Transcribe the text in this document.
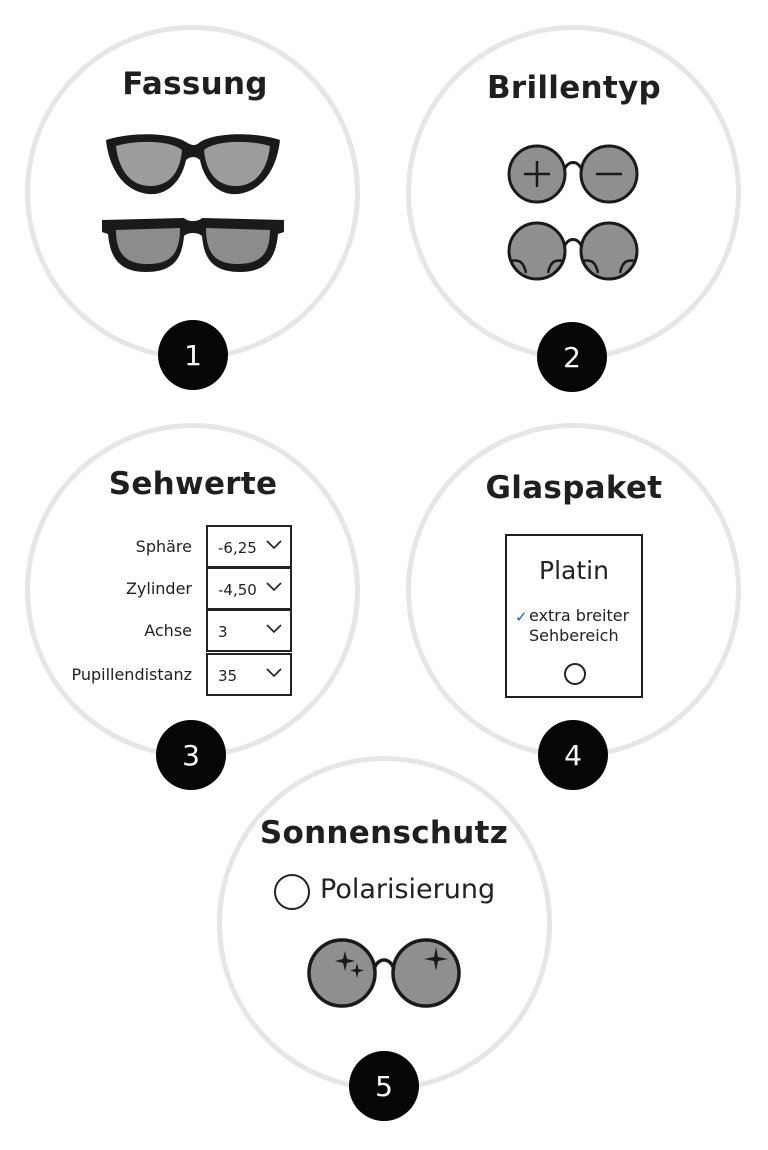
Fassung
1
Brillentyp
2
Sehwerte
Sphäre -6,25
Zylinder -4,50
Achse 3
Pupillendistanz 35
3
Glaspaket
Platin
✓ extra breiter Sehbereich
4
Sonnenschutz
Polarisierung
5
